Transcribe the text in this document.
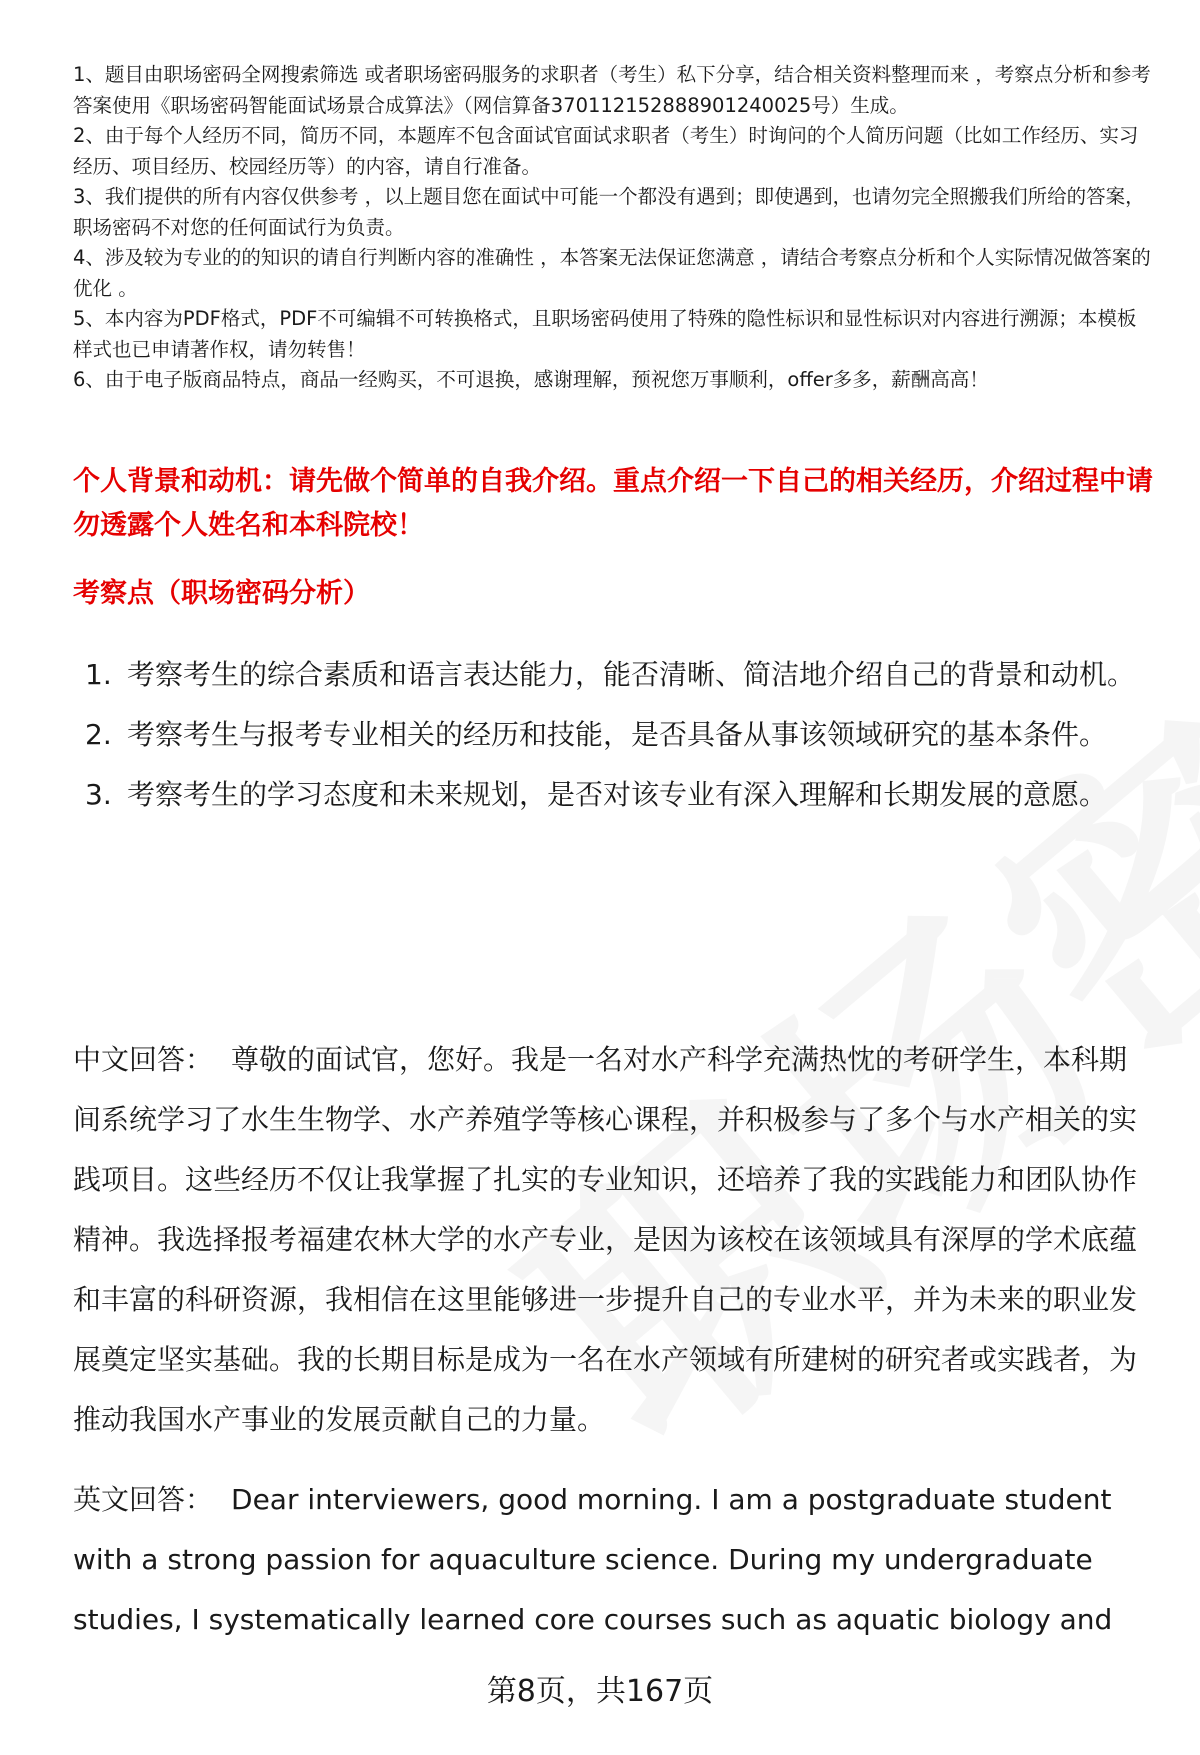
1、题目由职场密码全网搜索筛选 或者职场密码服务的求职者（考生）私下分享，结合相关资料整理而来 ，考察点分析和参考答案使用《职场密码智能面试场景合成算法》（网信算备370112152888901240025号）生成。

2、由于每个人经历不同，简历不同，本题库不包含面试官面试求职者（考生）时询问的个人简历问题（比如工作经历、实习经历、项目经历、校园经历等）的内容，请自行准备。

3、我们提供的所有内容仅供参考 ，以上题目您在面试中可能一个都没有遇到；即使遇到，也请勿完全照搬我们所给的答案，职场密码不对您的任何面试行为负责。

4、涉及较为专业的的知识的请自行判断内容的准确性 ，本答案无法保证您满意 ，请结合考察点分析和个人实际情况做答案的优化 。

5、本内容为PDF格式，PDF不可编辑不可转换格式，且职场密码使用了特殊的隐性标识和显性标识对内容进行溯源；本模板样式也已申请著作权，请勿转售！

6、由于电子版商品特点，商品一经购买，不可退换，感谢理解，预祝您万事顺利，offer多多，薪酬高高！

个人背景和动机：请先做个简单的自我介绍。重点介绍一下自己的相关经历，介绍过程中请勿透露个人姓名和本科院校！
考察点（职场密码分析）
1. 考察考生的综合素质和语言表达能力，能否清晰、简洁地介绍自己的背景和动机。
2. 考察考生与报考专业相关的经历和技能，是否具备从事该领域研究的基本条件。
3. 考察考生的学习态度和未来规划，是否对该专业有深入理解和长期发展的意愿。

中文回答： 尊敬的面试官，您好。我是一名对水产科学充满热忱的考研学生，本科期间系统学习了水生生物学、水产养殖学等核心课程，并积极参与了多个与水产相关的实践项目。这些经历不仅让我掌握了扎实的专业知识，还培养了我的实践能力和团队协作精神。我选择报考福建农林大学的水产专业，是因为该校在该领域具有深厚的学术底蕴和丰富的科研资源，我相信在这里能够进一步提升自己的专业水平，并为未来的职业发展奠定坚实基础。我的长期目标是成为一名在水产领域有所建树的研究者或实践者，为推动我国水产事业的发展贡献自己的力量。

英文回答： Dear interviewers, good morning. I am a postgraduate student with a strong passion for aquaculture science. During my undergraduate studies, I systematically learned core courses such as aquatic biology and

第8页，共167页
